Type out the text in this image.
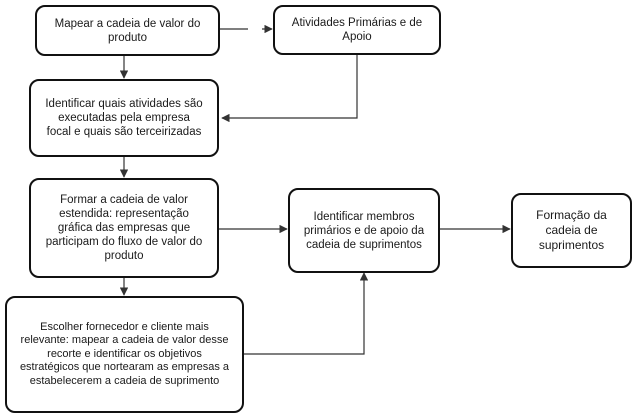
Mapear a cadeia de valor do produto
Atividades Primárias e de Apoio
Identificar quais atividades são executadas pela empresa focal e quais são terceirizadas
Formar a cadeia de valor estendida: representação gráfica das empresas que participam do fluxo de valor do produto
Identificar membros primários e de apoio da cadeia de suprimentos
Formação da cadeia de suprimentos
Escolher fornecedor e cliente mais relevante: mapear a cadeia de valor desse recorte e identificar os objetivos estratégicos que nortearam as empresas a estabelecerem a cadeia de suprimento
